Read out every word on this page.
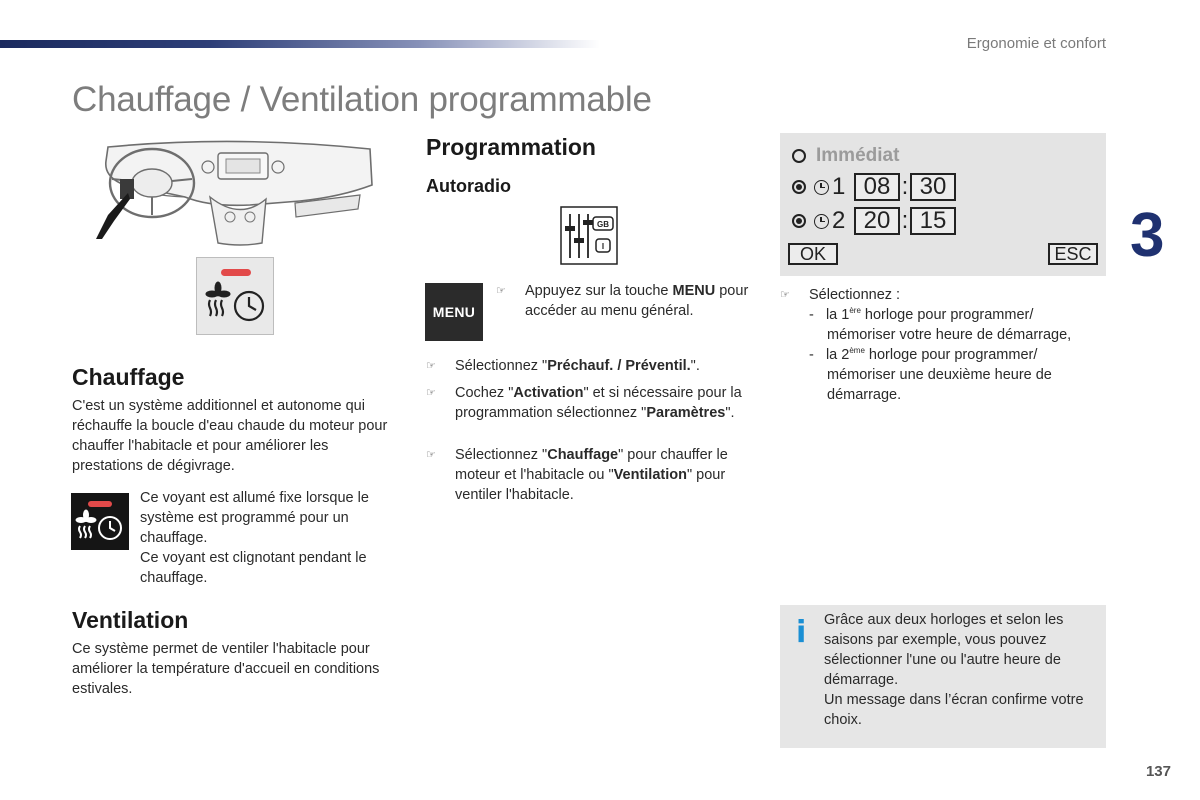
Ergonomie et confort
Chauffage / Ventilation programmable
3
Chauffage
C'est un système additionnel et autonome qui réchauffe la boucle d'eau chaude du moteur pour chauffer l'habitacle et pour améliorer les prestations de dégivrage.
Ce voyant est allumé fixe lorsque le système est programmé pour un chauffage.
Ce voyant est clignotant pendant le chauffage.
Ventilation
Ce système permet de ventiler l'habitacle pour améliorer la température d'accueil en conditions estivales.
Programmation
Autoradio
GB
I
MENU
☞ Appuyez sur la touche MENU pour accéder au menu général.
☞ Sélectionnez "Préchauf. / Préventil.".
☞ Cochez "Activation" et si nécessaire pour la programmation sélectionnez "Paramètres".
☞ Sélectionnez "Chauffage" pour chauffer le moteur et l'habitacle ou "Ventilation" pour ventiler l'habitacle.
Immédiat
1 08 : 30
2 20 : 15
OK	ESC
☞ Sélectionnez :
- la 1ère horloge pour programmer/ mémoriser votre heure de démarrage,
- la 2ème horloge pour programmer/ mémoriser une deuxième heure de démarrage.
i Grâce aux deux horloges et selon les saisons par exemple, vous pouvez sélectionner l'une ou l'autre heure de démarrage.
Un message dans l’écran confirme votre choix.
137
